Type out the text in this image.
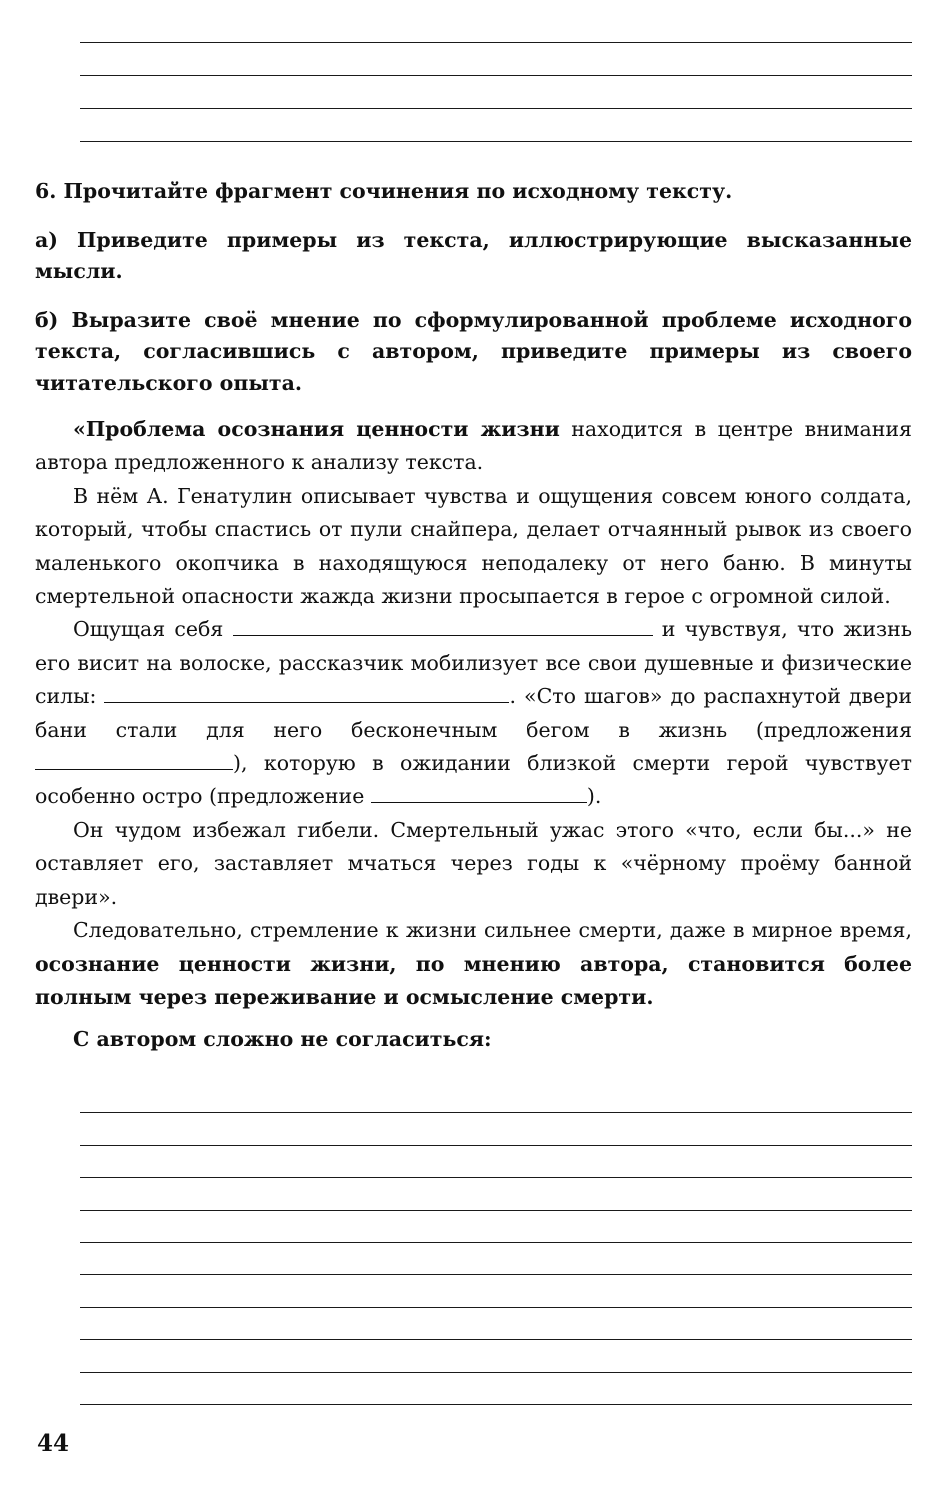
6. Прочитайте фрагмент сочинения по исходному тексту.

а) Приведите примеры из текста, иллюстрирующие высказанные мысли.

б) Выразите своё мнение по сформулированной проблеме исходного текста, согласившись с автором, приведите примеры из своего читательского опыта.

«Проблема осознания ценности жизни находится в центре внимания автора предложенного к анализу текста.

В нём А. Генатулин описывает чувства и ощущения совсем юного солдата, который, чтобы спастись от пули снайпера, делает отчаянный рывок из своего маленького окопчика в находящуюся неподалеку от него баню. В минуты смертельной опасности жажда жизни просыпается в герое с огромной силой.

Ощущая себя	и чувствуя, что жизнь его висит на волоске, рассказчик мобилизует все свои душевные и физические силы:	. «Сто шагов» до распахнутой двери бани стали для него бесконечным бегом в жизнь (предложения), которую в ожидании близкой смерти герой чувствует особенно остро (предложение	).

Он чудом избежал гибели. Смертельный ужас этого «что, если бы...» не оставляет его, заставляет мчаться через годы к «чёрному проёму банной двери».

Следовательно, стремление к жизни сильнее смерти, даже в мирное время, осознание ценности жизни, по мнению автора, становится более полным через переживание и осмысление смерти.

С автором сложно не согласиться:

44
